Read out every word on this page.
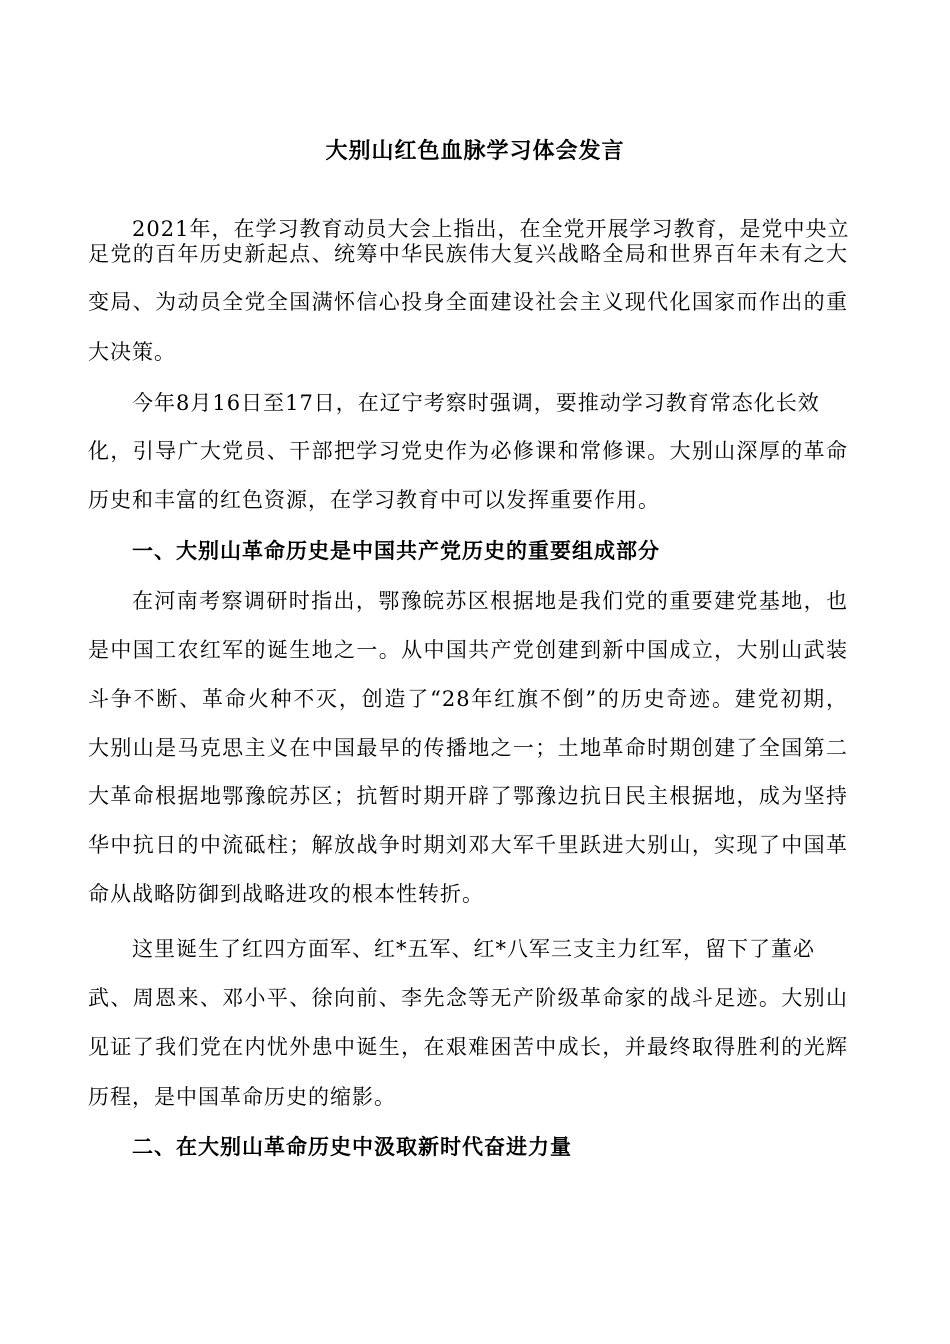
大别山红色血脉学习体会发言
2021年，在学习教育动员大会上指出，在全党开展学习教育，是党中央立
足党的百年历史新起点、统筹中华民族伟大复兴战略全局和世界百年未有之大
变局、为动员全党全国满怀信心投身全面建设社会主义现代化国家而作出的重
大决策。
今年8月16日至17日，在辽宁考察时强调，要推动学习教育常态化长效
化，引导广大党员、干部把学习党史作为必修课和常修课。大别山深厚的革命
历史和丰富的红色资源，在学习教育中可以发挥重要作用。
一、大别山革命历史是中国共产党历史的重要组成部分
在河南考察调研时指出，鄂豫皖苏区根据地是我们党的重要建党基地，也
是中国工农红军的诞生地之一。从中国共产党创建到新中国成立，大别山武装
斗争不断、革命火种不灭，创造了“28年红旗不倒”的历史奇迹。建党初期，
大别山是马克思主义在中国最早的传播地之一；土地革命时期创建了全国第二
大革命根据地鄂豫皖苏区；抗暂时期开辟了鄂豫边抗日民主根据地，成为坚持
华中抗日的中流砥柱；解放战争时期刘邓大军千里跃进大别山，实现了中国革
命从战略防御到战略进攻的根本性转折。
这里诞生了红四方面军、红*五军、红*八军三支主力红军，留下了董必
武、周恩来、邓小平、徐向前、李先念等无产阶级革命家的战斗足迹。大别山
见证了我们党在内忧外患中诞生，在艰难困苦中成长，并最终取得胜利的光辉
历程，是中国革命历史的缩影。
二、在大别山革命历史中汲取新时代奋进力量
